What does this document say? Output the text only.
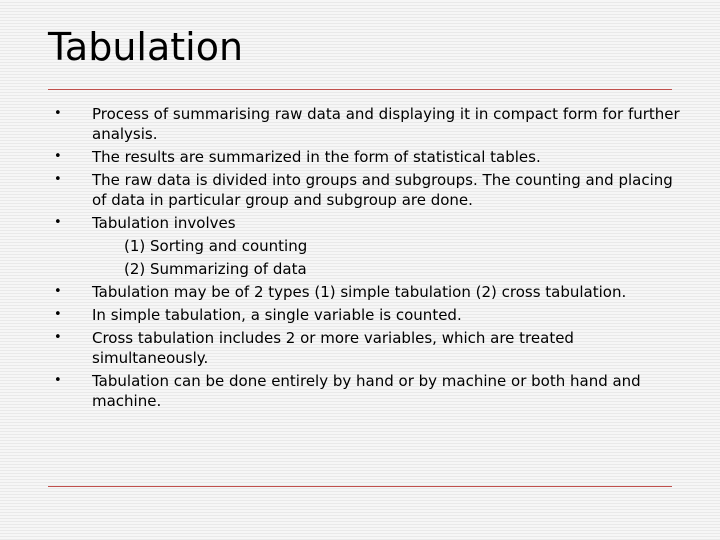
Tabulation
• Process of summarising raw data and displaying it in compact form for further analysis.
• The results are summarized in the form of statistical tables.
• The raw data is divided into groups and subgroups. The counting and placing of data in particular group and subgroup are done.
• Tabulation involves
(1) Sorting and counting
(2) Summarizing of data
• Tabulation may be of 2 types (1) simple tabulation (2) cross tabulation.
• In simple tabulation, a single variable is counted.
• Cross tabulation includes 2 or more variables, which are treated simultaneously.
• Tabulation can be done entirely by hand or by machine or both hand and machine.
